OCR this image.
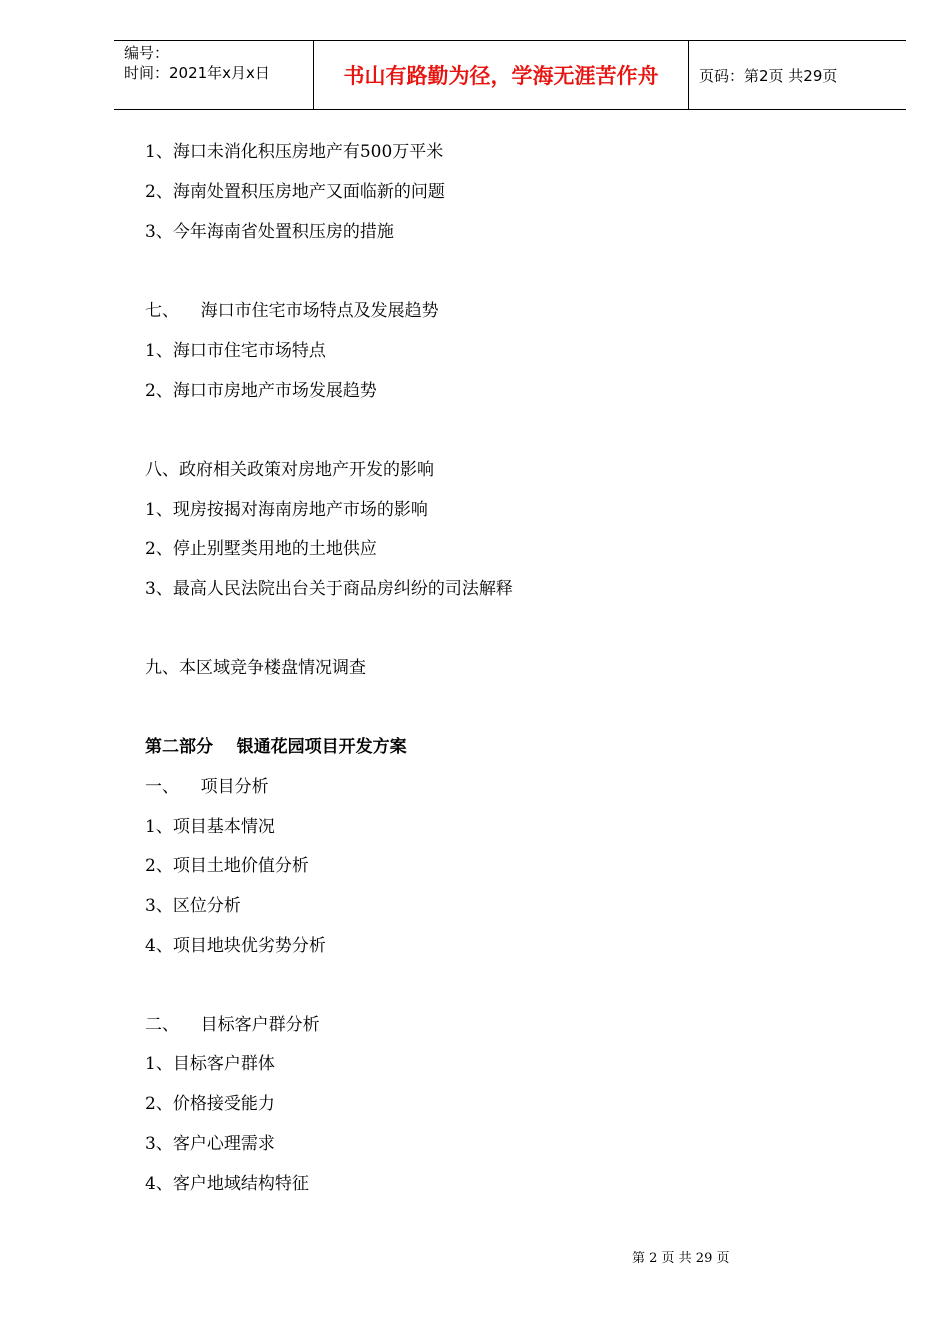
编号：
时间：2021年x月x日	书山有路勤为径，学海无涯苦作舟	页码：第2页 共29页
1、海口未消化积压房地产有500万平米
2、海南处置积压房地产又面临新的问题
3、今年海南省处置积压房的措施
七、    海口市住宅市场特点及发展趋势
1、海口市住宅市场特点
2、海口市房地产市场发展趋势
八、政府相关政策对房地产开发的影响
1、现房按揭对海南房地产市场的影响
2、停止别墅类用地的土地供应
3、最高人民法院出台关于商品房纠纷的司法解释
九、本区域竞争楼盘情况调查
第二部分    银通花园项目开发方案
一、    项目分析
1、项目基本情况
2、项目土地价值分析
3、区位分析
4、项目地块优劣势分析
二、    目标客户群分析
1、目标客户群体
2、价格接受能力
3、客户心理需求
4、客户地域结构特征
第 2 页 共 29 页
